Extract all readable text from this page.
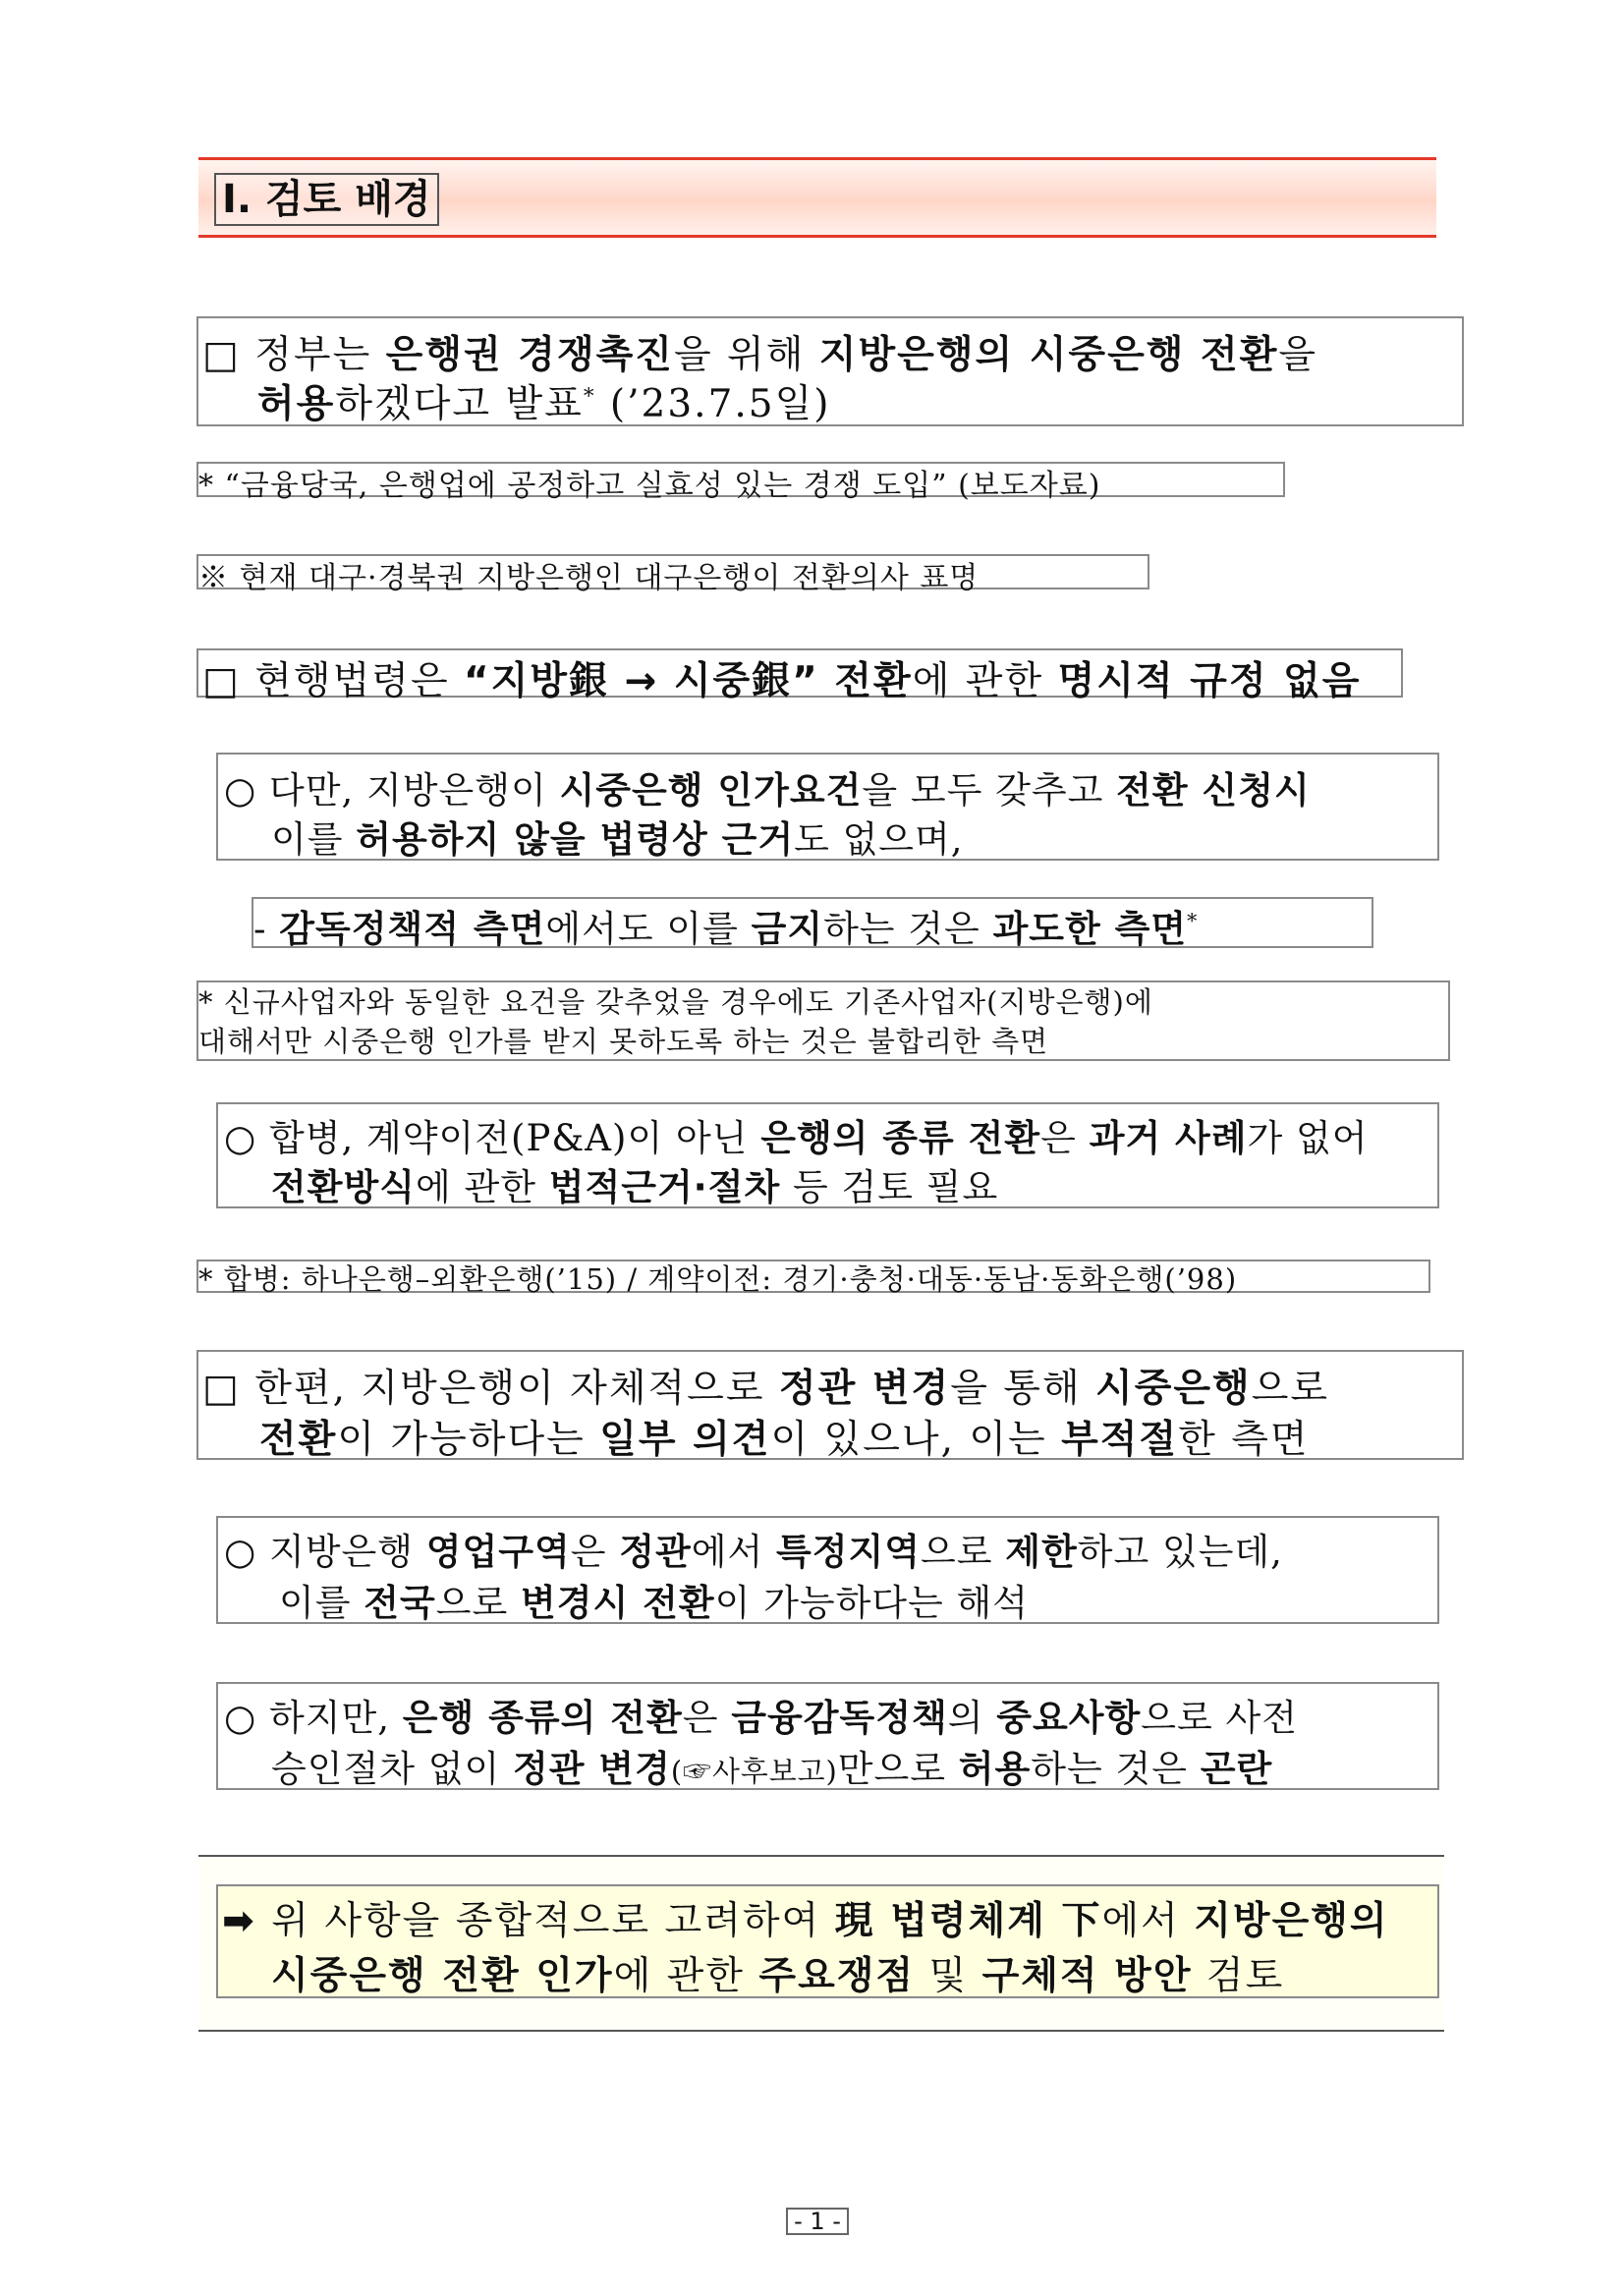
Ⅰ. 검토 배경
□ 정부는 은행권 경쟁촉진을 위해 지방은행의 시중은행 전환을
허용하겠다고 발표* (’23.7.5일)
* “금융당국, 은행업에 공정하고 실효성 있는 경쟁 도입” (보도자료)
※ 현재 대구·경북권 지방은행인 대구은행이 전환의사 표명
□ 현행법령은 “지방銀 → 시중銀” 전환에 관한 명시적 규정 없음
○ 다만, 지방은행이 시중은행 인가요건을 모두 갖추고 전환 신청시
이를 허용하지 않을 법령상 근거도 없으며,
- 감독정책적 측면에서도 이를 금지하는 것은 과도한 측면*
* 신규사업자와 동일한 요건을 갖추었을 경우에도 기존사업자(지방은행)에
대해서만 시중은행 인가를 받지 못하도록 하는 것은 불합리한 측면
○ 합병, 계약이전(P&A)이 아닌 은행의 종류 전환은 과거 사례가 없어
전환방식에 관한 법적근거·절차 등 검토 필요
* 합병: 하나은행–외환은행(’15) / 계약이전: 경기·충청·대동·동남·동화은행(’98)
□ 한편, 지방은행이 자체적으로 정관 변경을 통해 시중은행으로
전환이 가능하다는 일부 의견이 있으나, 이는 부적절한 측면
○ 지방은행 영업구역은 정관에서 특정지역으로 제한하고 있는데,
이를 전국으로 변경시 전환이 가능하다는 해석
○ 하지만, 은행 종류의 전환은 금융감독정책의 중요사항으로 사전
승인절차 없이 정관 변경(☞사후보고)만으로 허용하는 것은 곤란
➡ 위 사항을 종합적으로 고려하여 現 법령체계 下에서 지방은행의
시중은행 전환 인가에 관한 주요쟁점 및 구체적 방안 검토
- 1 -
